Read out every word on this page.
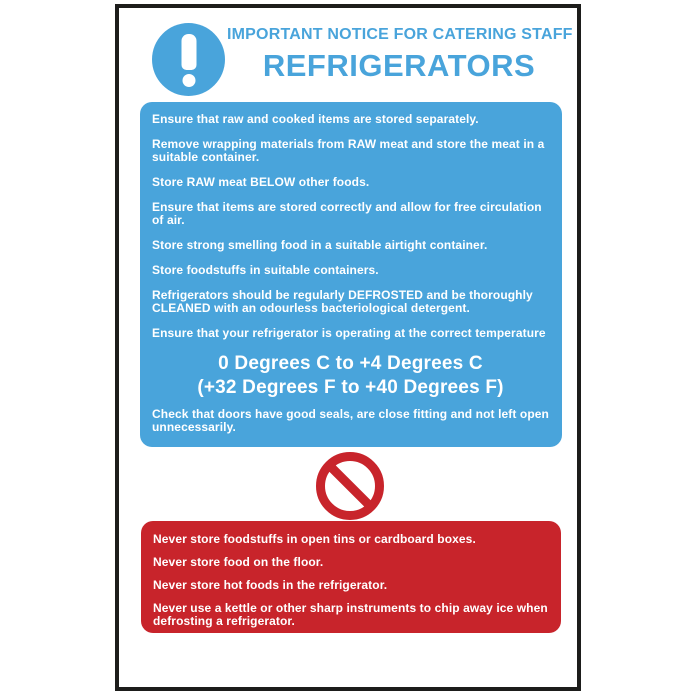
IMPORTANT NOTICE FOR CATERING STAFF
REFRIGERATORS

Ensure that raw and cooked items are stored separately.

Remove wrapping materials from RAW meat and store the meat in a suitable container.

Store RAW meat BELOW other foods.

Ensure that items are stored correctly and allow for free circulation of air.

Store strong smelling food in a suitable airtight container.

Store foodstuffs in suitable containers.

Refrigerators should be regularly DEFROSTED and be thoroughly CLEANED with an odourless bacteriological detergent.

Ensure that your refrigerator is operating at the correct temperature

0 Degrees C to +4 Degrees C
(+32 Degrees F to +40 Degrees F)

Check that doors have good seals, are close fitting and not left open unnecessarily.

Never store foodstuffs in open tins or cardboard boxes.

Never store food on the floor.

Never store hot foods in the refrigerator.

Never use a kettle or other sharp instruments to chip away ice when defrosting a refrigerator.
